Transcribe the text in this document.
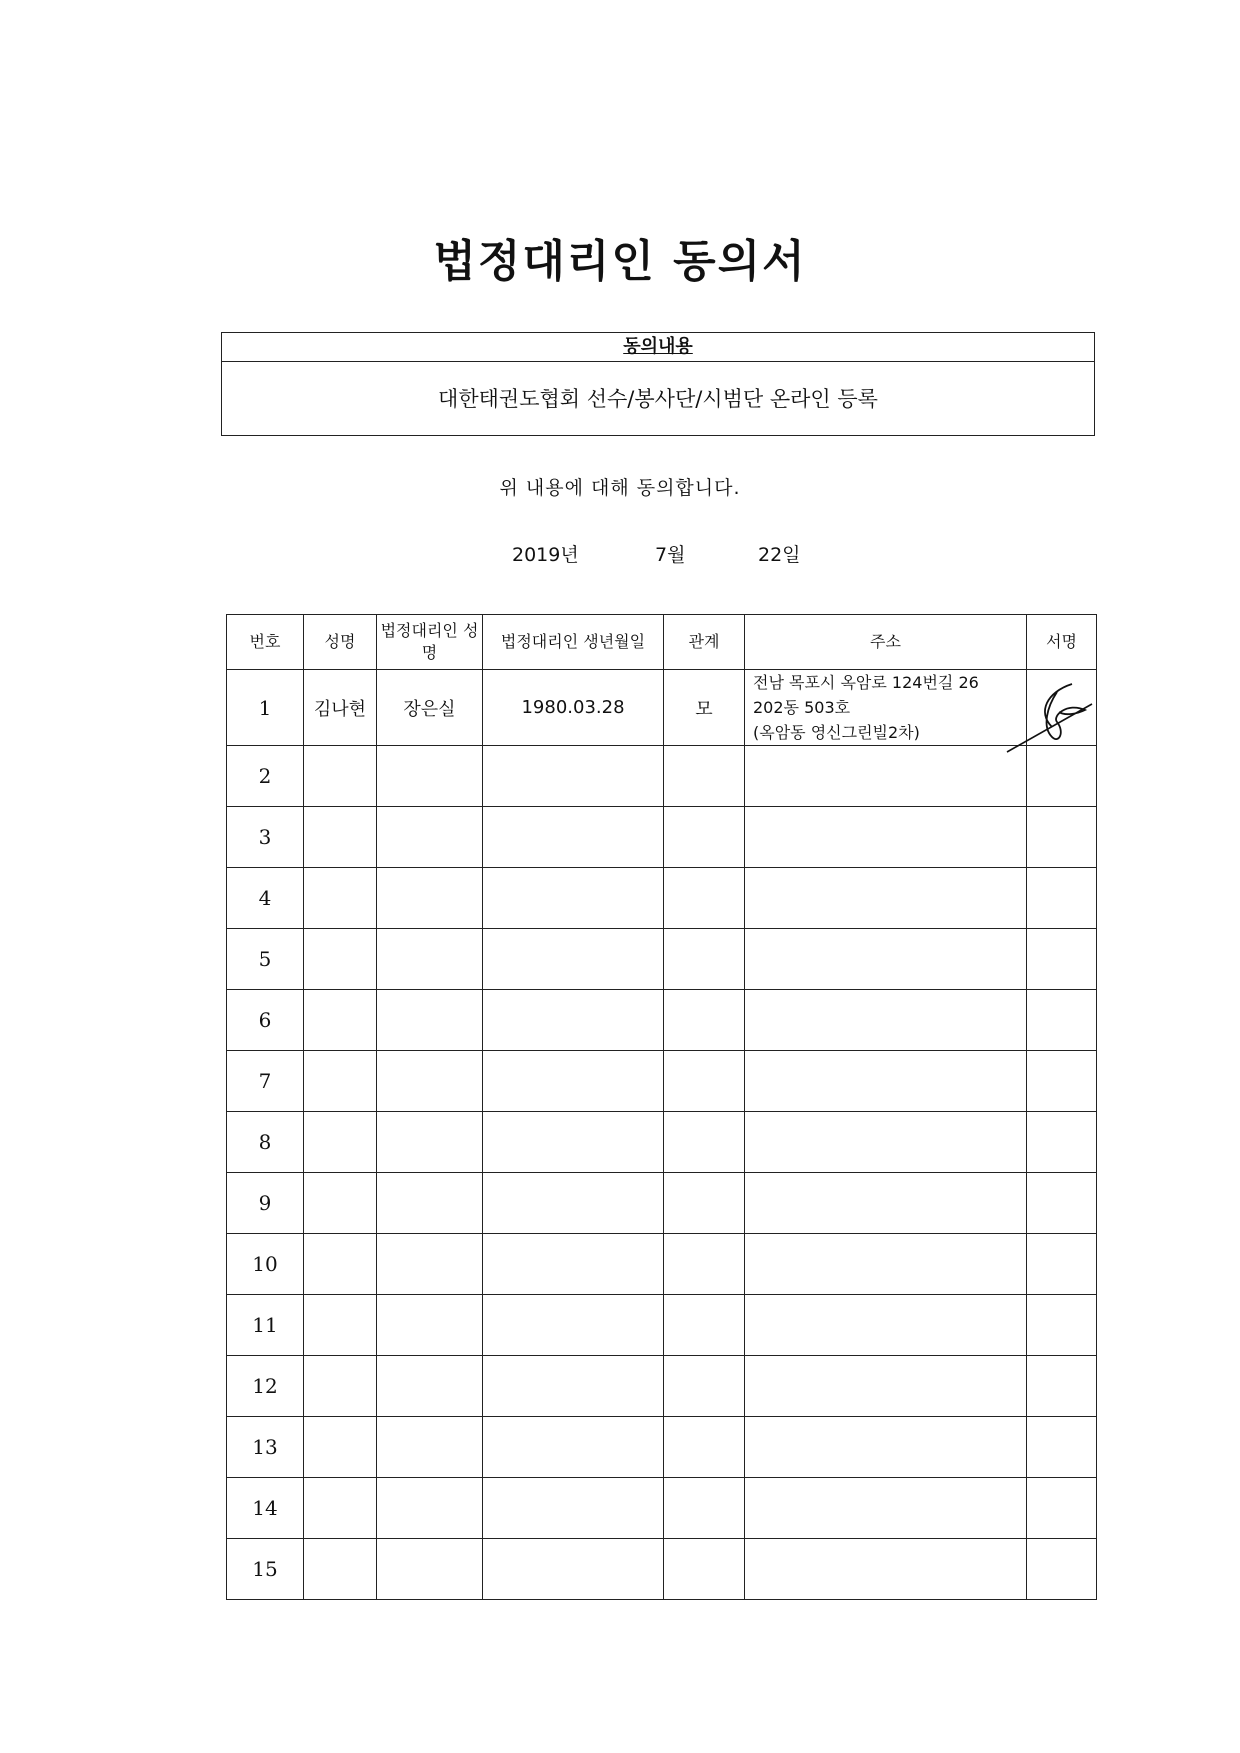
법정대리인 동의서
동의내용
대한태권도협회 선수/봉사단/시범단 온라인 등록
위 내용에 대해 동의합니다.
2019년	7월	22일
번호	성명	법정대리인 성명	법정대리인 생년월일	관계	주소	서명
1	김나현	장은실	1980.03.28	모	전남 목포시 옥암로 124번길 26
202동 503호
(옥암동 영신그린빌2차)

2						
3						
4						
5						
6						
7						
8						
9						
10						
11						
12						
13						
14						
15						
